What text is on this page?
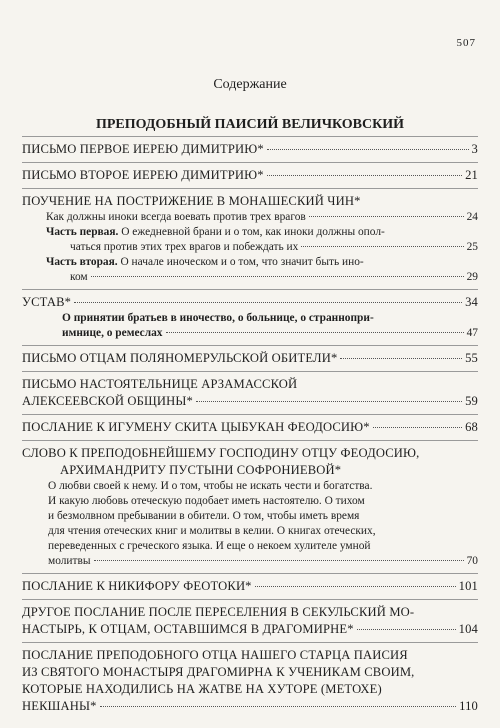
507
Содержание
ПРЕПОДОБНЫЙ ПАИСИЙ ВЕЛИЧКОВСКИЙ
ПИСЬМО ПЕРВОЕ ИЕРЕЮ ДИМИТРИЮ*	3
ПИСЬМО ВТОРОЕ ИЕРЕЮ ДИМИТРИЮ*	21
ПОУЧЕНИЕ НА ПОСТРИЖЕНИЕ В МОНАШЕСКИЙ ЧИН*
Как должны иноки всегда воевать против трех врагов	24
Часть первая. О ежедневной брани и о том, как иноки должны опол-
чаться против этих трех врагов и побеждать их	25
Часть вторая. О начале иноческом и о том, что значит быть ино-
ком	29
УСТАВ*	34
О принятии братьев в иночество, о больнице, о страннопри-
имнице, о ремеслах	47
ПИСЬМО ОТЦАМ ПОЛЯНОМЕРУЛЬСКОЙ ОБИТЕЛИ*	55
ПИСЬМО НАСТОЯТЕЛЬНИЦЕ АРЗАМАССКОЙ
АЛЕКСЕЕВСКОЙ ОБЩИНЫ*	59
ПОСЛАНИЕ К ИГУМЕНУ СКИТА ЦЫБУКАН ФЕОДОСИЮ*	68
СЛОВО К ПРЕПОДОБНЕЙШЕМУ ГОСПОДИНУ ОТЦУ ФЕОДОСИЮ,
АРХИМАНДРИТУ ПУСТЫНИ СОФРОНИЕВОЙ*
О любви своей к нему. И о том, чтобы не искать чести и богатства.
И какую любовь отеческую подобает иметь настоятелю. О тихом
и безмолвном пребывании в обители. О том, чтобы иметь время
для чтения отеческих книг и молитвы в келии. О книгах отеческих,
переведенных с греческого языка. И еще о некоем хулителе умной
молитвы	70
ПОСЛАНИЕ К НИКИФОРУ ФЕОТОКИ*	101
ДРУГОЕ ПОСЛАНИЕ ПОСЛЕ ПЕРЕСЕЛЕНИЯ В СЕКУЛЬСКИЙ МО-
НАСТЫРЬ, К ОТЦАМ, ОСТАВШИМСЯ В ДРАГОМИРНЕ*	104
ПОСЛАНИЕ ПРЕПОДОБНОГО ОТЦА НАШЕГО СТАРЦА ПАИСИЯ
ИЗ СВЯТОГО МОНАСТЫРЯ ДРАГОМИРНА К УЧЕНИКАМ СВОИМ,
КОТОРЫЕ НАХОДИЛИСЬ НА ЖАТВЕ НА ХУТОРЕ (МЕТОХЕ)
НЕКШАНЫ*	110
